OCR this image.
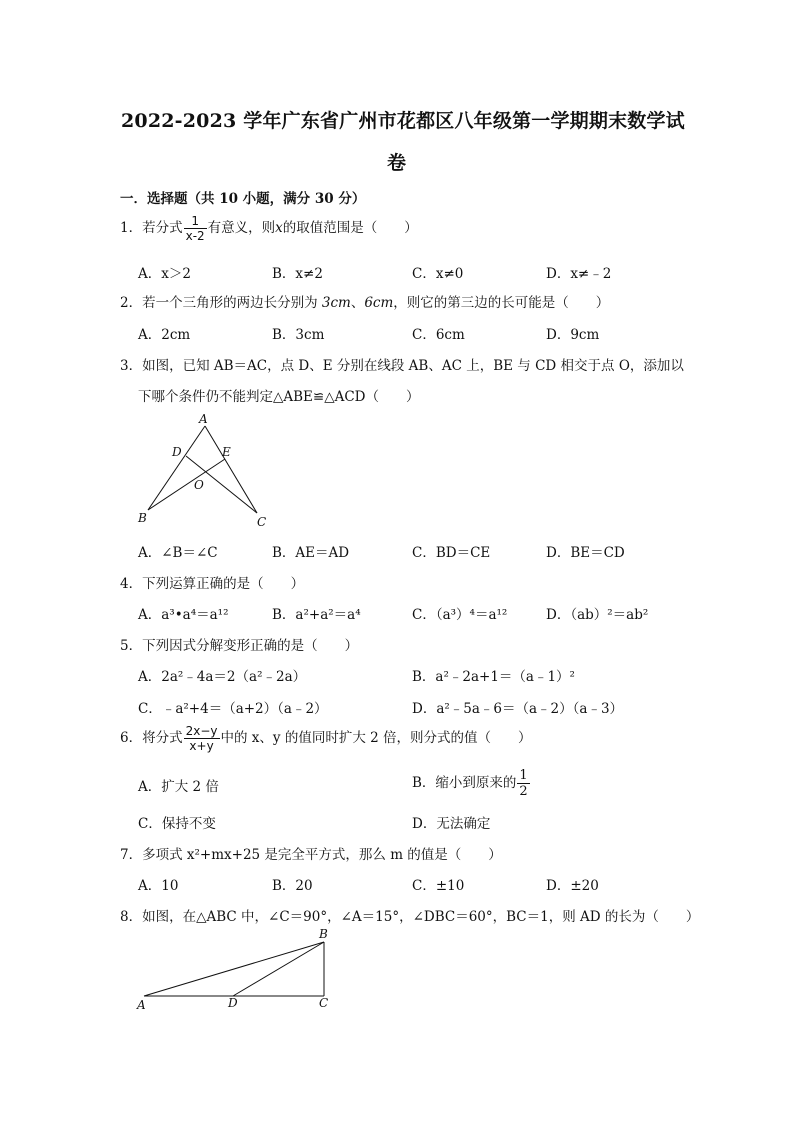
2022-2023 学年广东省广州市花都区八年级第一学期期末数学试
卷
一．选择题（共 10 小题，满分 30 分）
1．若分式 $\frac{1}{x-2}$ 有意义，则x的取值范围是（　　）
A．x＞2	B．x≠2	C．x≠0	D．x≠﹣2
2．若一个三角形的两边长分别为 3cm、6cm，则它的第三边的长可能是（　　）
A．2cm	B．3cm	C．6cm	D．9cm
3．如图，已知 AB＝AC，点 D、E 分别在线段 AB、AC 上，BE 与 CD 相交于点 O，添加以
下哪个条件仍不能判定△ABE≌△ACD（　　）
A
D	E
O
B	C
A．∠B＝∠C	B．AE＝AD	C．BD＝CE	D．BE＝CD
4．下列运算正确的是（　　）
A．a³•a⁴＝a¹²	B．a²+a²＝a⁴	C．（a³）⁴＝a¹²	D．（ab）²＝ab²
5．下列因式分解变形正确的是（　　）
A．2a²﹣4a＝2（a²﹣2a）	B．a²﹣2a+1＝（a﹣1）²
C．﹣a²+4＝（a+2）（a﹣2）	D．a²﹣5a﹣6＝（a﹣2）（a﹣3）
6．将分式 $\frac{2x-y}{x+y}$ 中的 x、y 的值同时扩大 2 倍，则分式的值（　　）
A．扩大 2 倍	B．缩小到原来的 $\frac{1}{2}$
C．保持不变	D．无法确定
7．多项式 x²+mx+25 是完全平方式，那么 m 的值是（　　）
A．10	B．20	C．±10	D．±20
8．如图，在△ABC 中，∠C＝90°，∠A＝15°，∠DBC＝60°，BC＝1，则 AD 的长为（　　）
B
A	D	C
